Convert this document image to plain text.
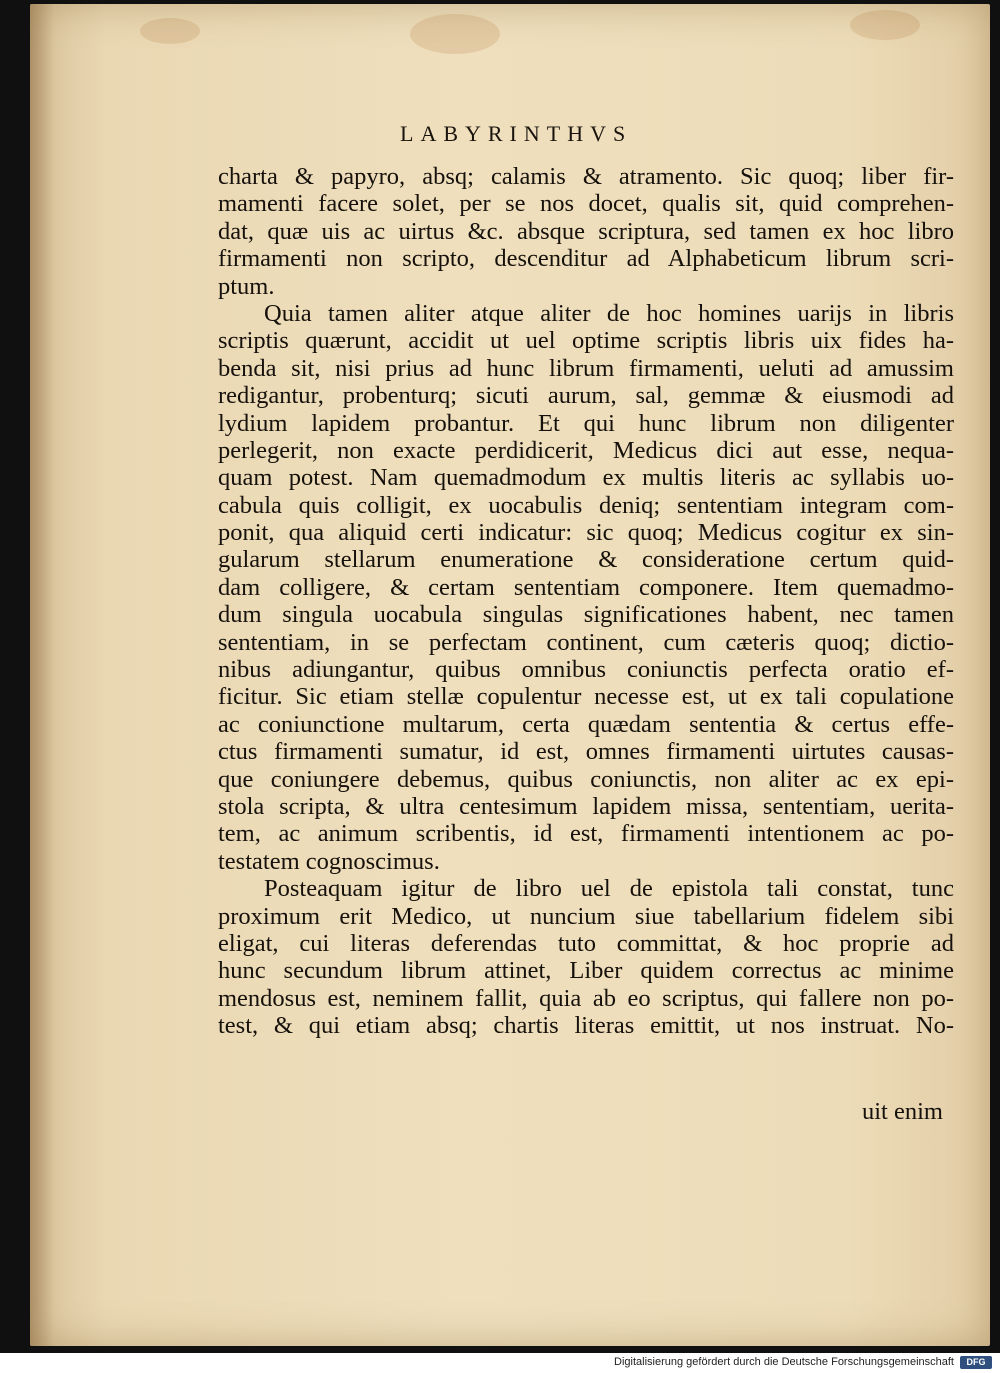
LABYRINTHVS
charta & papyro, absq; calamis & atramento. Sic quoq; liber fir-
mamenti facere solet, per se nos docet, qualis sit, quid comprehen-
dat, quæ uis ac uirtus &c. absque scriptura, sed tamen ex hoc libro
firmamenti non scripto, descenditur ad Alphabeticum librum scri-
ptum.
Quia tamen aliter atque aliter de hoc homines uarijs in libris
scriptis quærunt, accidit ut uel optime scriptis libris uix fides ha-
benda sit, nisi prius ad hunc librum firmamenti, ueluti ad amussim
redigantur, probenturq; sicuti aurum, sal, gemmæ & eiusmodi ad
lydium lapidem probantur. Et qui hunc librum non diligenter
perlegerit, non exacte perdidicerit, Medicus dici aut esse, nequa-
quam potest. Nam quemadmodum ex multis literis ac syllabis uo-
cabula quis colligit, ex uocabulis deniq; sententiam integram com-
ponit, qua aliquid certi indicatur: sic quoq; Medicus cogitur ex sin-
gularum stellarum enumeratione & consideratione certum quid-
dam colligere, & certam sententiam componere. Item quemadmo-
dum singula uocabula singulas significationes habent, nec tamen
sententiam, in se perfectam continent, cum cæteris quoq; dictio-
nibus adiungantur, quibus omnibus coniunctis perfecta oratio ef-
ficitur. Sic etiam stellæ copulentur necesse est, ut ex tali copulatione
ac coniunctione multarum, certa quædam sententia & certus effe-
ctus firmamenti sumatur, id est, omnes firmamenti uirtutes causas-
que coniungere debemus, quibus coniunctis, non aliter ac ex epi-
stola scripta, & ultra centesimum lapidem missa, sententiam, uerita-
tem, ac animum scribentis, id est, firmamenti intentionem ac po-
testatem cognoscimus.
Posteaquam igitur de libro uel de epistola tali constat, tunc
proximum erit Medico, ut nuncium siue tabellarium fidelem sibi
eligat, cui literas deferendas tuto committat, & hoc proprie ad
hunc secundum librum attinet, Liber quidem correctus ac minime
mendosus est, neminem fallit, quia ab eo scriptus, qui fallere non po-
test, & qui etiam absq; chartis literas emittit, ut nos instruat. No-
uit enim
Digitalisierung gefördert durch die Deutsche Forschungsgemeinschaft	DFG
